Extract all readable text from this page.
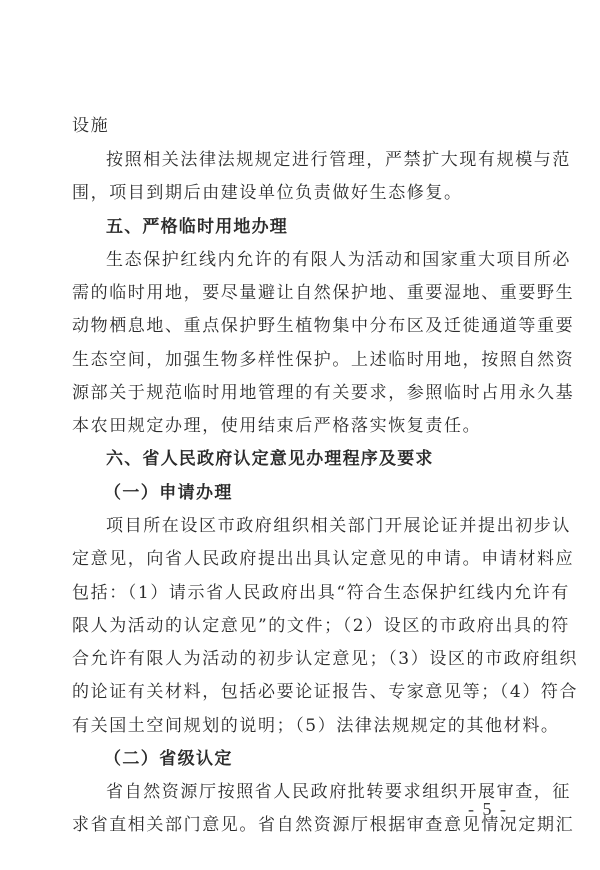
设施
按照相关法律法规规定进行管理，严禁扩大现有规模与范
围，项目到期后由建设单位负责做好生态修复。
五、严格临时用地办理
生态保护红线内允许的有限人为活动和国家重大项目所必
需的临时用地，要尽量避让自然保护地、重要湿地、重要野生
动物栖息地、重点保护野生植物集中分布区及迁徙通道等重要
生态空间，加强生物多样性保护。上述临时用地，按照自然资
源部关于规范临时用地管理的有关要求，参照临时占用永久基
本农田规定办理，使用结束后严格落实恢复责任。
六、省人民政府认定意见办理程序及要求
（一）申请办理
项目所在设区市政府组织相关部门开展论证并提出初步认
定意见，向省人民政府提出出具认定意见的申请。申请材料应
包括：（1）请示省人民政府出具“符合生态保护红线内允许有
限人为活动的认定意见”的文件；（2）设区的市政府出具的符
合允许有限人为活动的初步认定意见；（3）设区的市政府组织
的论证有关材料，包括必要论证报告、专家意见等；（4）符合
有关国土空间规划的说明；（5）法律法规规定的其他材料。
（二）省级认定
省自然资源厅按照省人民政府批转要求组织开展审查，征
求省直相关部门意见。省自然资源厅根据审查意见情况定期汇
- 5 -
